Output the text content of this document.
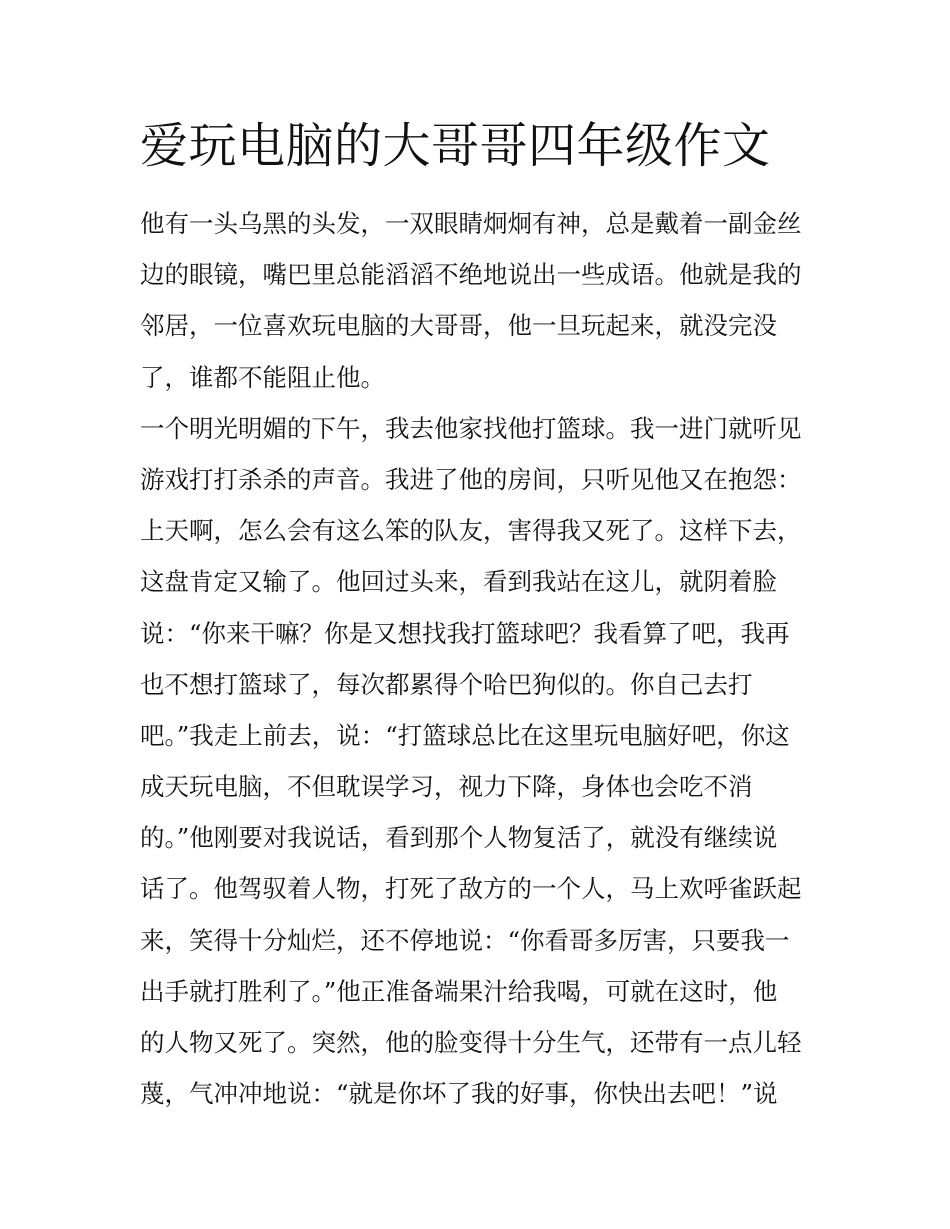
爱玩电脑的大哥哥四年级作文
他有一头乌黑的头发，一双眼睛炯炯有神，总是戴着一副金丝
边的眼镜，嘴巴里总能滔滔不绝地说出一些成语。他就是我的
邻居，一位喜欢玩电脑的大哥哥，他一旦玩起来，就没完没
了，谁都不能阻止他。
一个明光明媚的下午，我去他家找他打篮球。我一进门就听见
游戏打打杀杀的声音。我进了他的房间，只听见他又在抱怨：
上天啊，怎么会有这么笨的队友，害得我又死了。这样下去，
这盘肯定又输了。他回过头来，看到我站在这儿，就阴着脸
说：“你来干嘛？你是又想找我打篮球吧？我看算了吧，我再
也不想打篮球了，每次都累得个哈巴狗似的。你自己去打
吧。”我走上前去，说：“打篮球总比在这里玩电脑好吧，你这
成天玩电脑，不但耽误学习，视力下降，身体也会吃不消
的。”他刚要对我说话，看到那个人物复活了，就没有继续说
话了。他驾驭着人物，打死了敌方的一个人，马上欢呼雀跃起
来，笑得十分灿烂，还不停地说：“你看哥多厉害，只要我一
出手就打胜利了。”他正准备端果汁给我喝，可就在这时，他
的人物又死了。突然，他的脸变得十分生气，还带有一点儿轻
蔑，气冲冲地说：“就是你坏了我的好事，你快出去吧！”说
